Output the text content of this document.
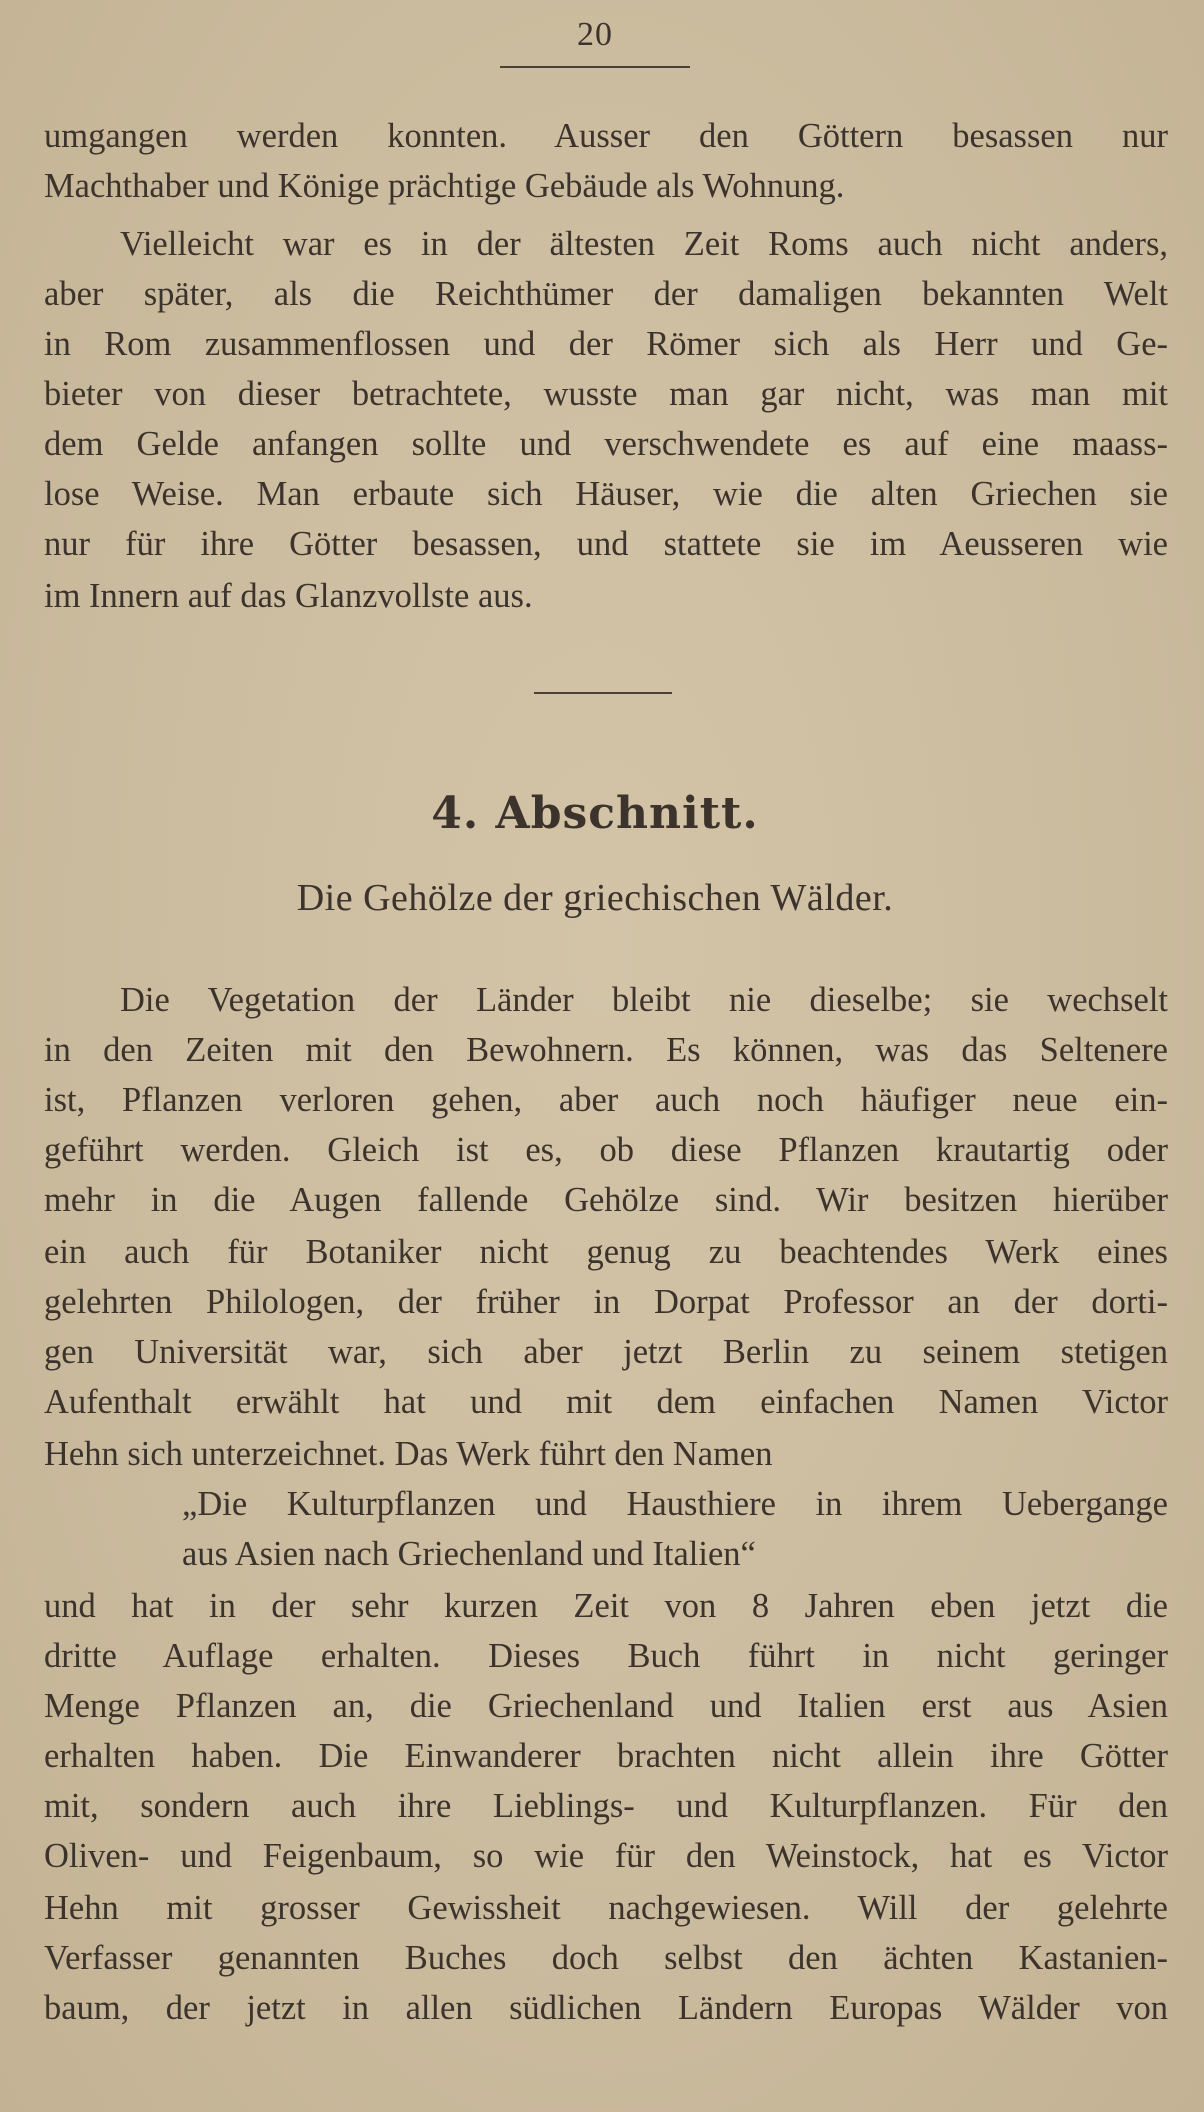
20
umgangen werden konnten. Ausser den Göttern besassen nur
Machthaber und Könige prächtige Gebäude als Wohnung.
Vielleicht war es in der ältesten Zeit Roms auch nicht anders,
aber später, als die Reichthümer der damaligen bekannten Welt
in Rom zusammenflossen und der Römer sich als Herr und Ge-
bieter von dieser betrachtete, wusste man gar nicht, was man mit
dem Gelde anfangen sollte und verschwendete es auf eine maass-
lose Weise. Man erbaute sich Häuser, wie die alten Griechen sie
nur für ihre Götter besassen, und stattete sie im Aeusseren wie
im Innern auf das Glanzvollste aus.
4. Abschnitt.
Die Gehölze der griechischen Wälder.
Die Vegetation der Länder bleibt nie dieselbe; sie wechselt
in den Zeiten mit den Bewohnern. Es können, was das Seltenere
ist, Pflanzen verloren gehen, aber auch noch häufiger neue ein-
geführt werden. Gleich ist es, ob diese Pflanzen krautartig oder
mehr in die Augen fallende Gehölze sind. Wir besitzen hierüber
ein auch für Botaniker nicht genug zu beachtendes Werk eines
gelehrten Philologen, der früher in Dorpat Professor an der dorti-
gen Universität war, sich aber jetzt Berlin zu seinem stetigen
Aufenthalt erwählt hat und mit dem einfachen Namen Victor
Hehn sich unterzeichnet. Das Werk führt den Namen
„Die Kulturpflanzen und Hausthiere in ihrem Uebergange
aus Asien nach Griechenland und Italien“
und hat in der sehr kurzen Zeit von 8 Jahren eben jetzt die
dritte Auflage erhalten. Dieses Buch führt in nicht geringer
Menge Pflanzen an, die Griechenland und Italien erst aus Asien
erhalten haben. Die Einwanderer brachten nicht allein ihre Götter
mit, sondern auch ihre Lieblings- und Kulturpflanzen. Für den
Oliven- und Feigenbaum, so wie für den Weinstock, hat es Victor
Hehn mit grosser Gewissheit nachgewiesen. Will der gelehrte
Verfasser genannten Buches doch selbst den ächten Kastanien-
baum, der jetzt in allen südlichen Ländern Europas Wälder von
